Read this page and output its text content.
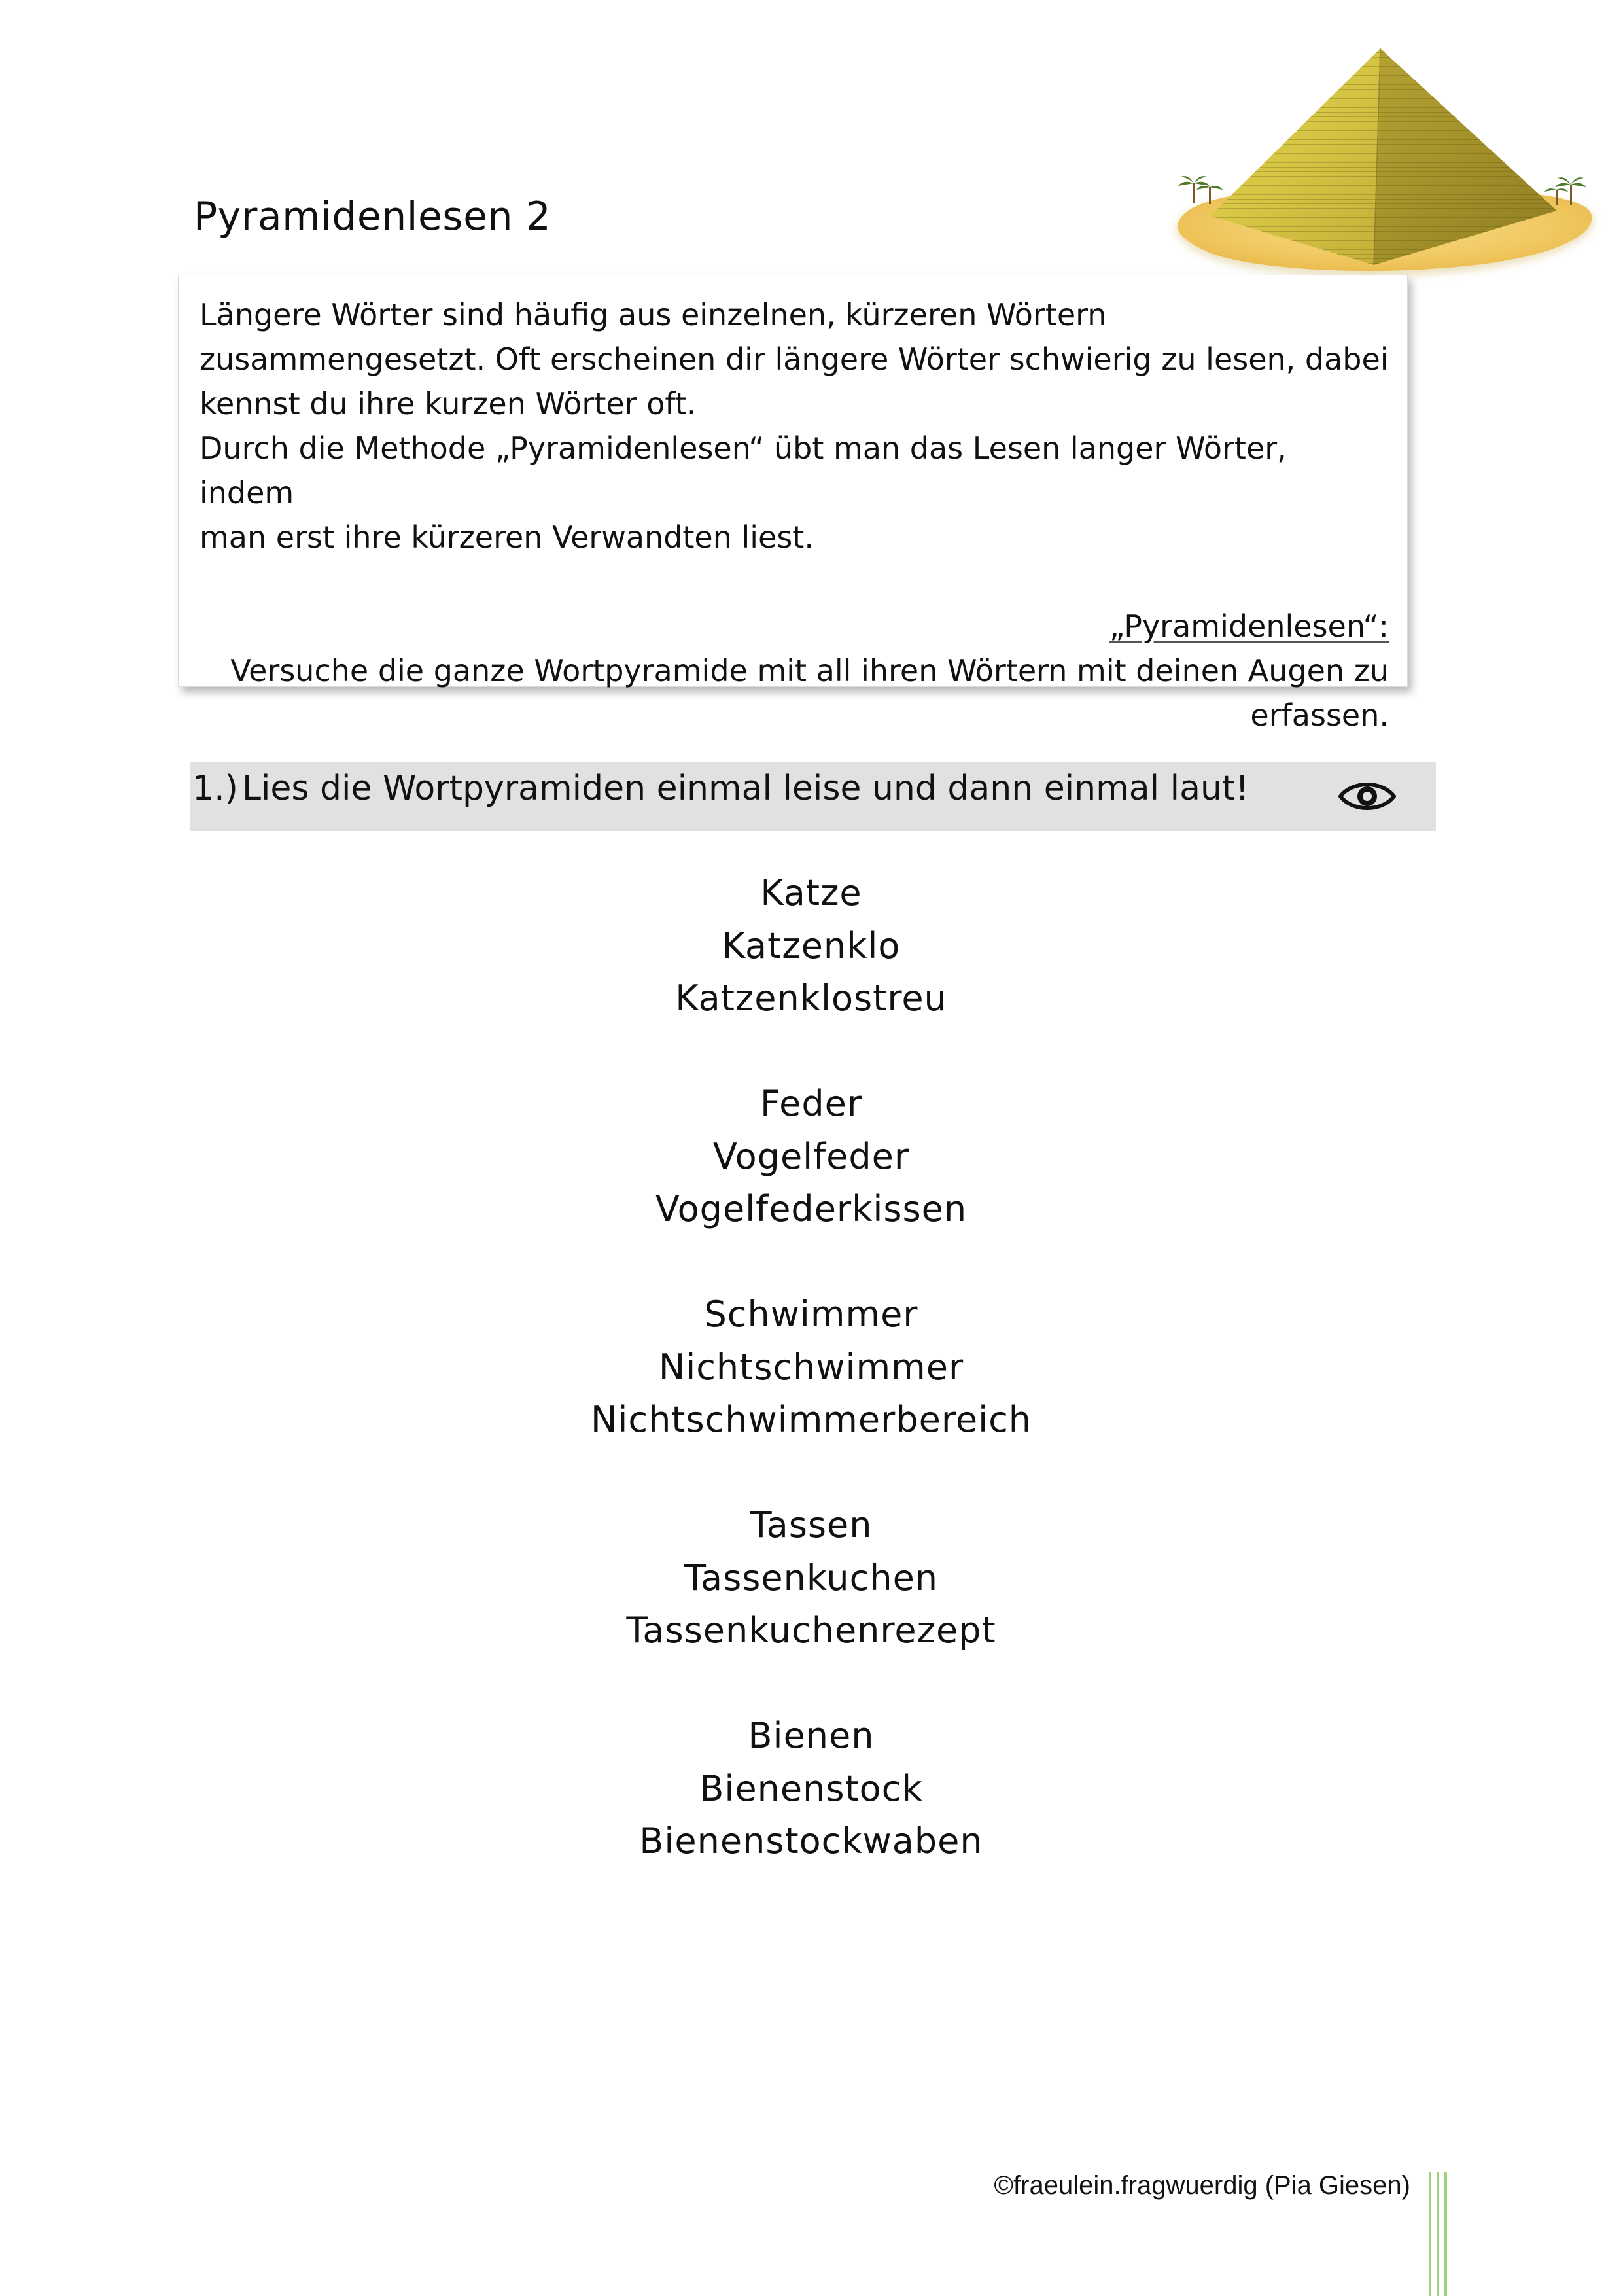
Pyramidenlesen 2

Längere Wörter sind häufig aus einzelnen, kürzeren Wörtern

zusammengesetzt. Oft erscheinen dir längere Wörter schwierig zu lesen, dabei

kennst du ihre kurzen Wörter oft.

Durch die Methode „Pyramidenlesen“ übt man das Lesen langer Wörter, indem

man erst ihre kürzeren Verwandten liest.

„Pyramidenlesen“:

Versuche die ganze Wortpyramide mit all ihren Wörtern mit deinen Augen zu

erfassen.

1.) Lies die Wortpyramiden einmal leise und dann einmal laut!
Katze
Katzenklo
Katzenklostreu
Feder
Vogelfeder
Vogelfederkissen
Schwimmer
Nichtschwimmer
Nichtschwimmerbereich
Tassen
Tassenkuchen
Tassenkuchenrezept
Bienen
Bienenstock
Bienenstockwaben
©fraeulein.fragwuerdig (Pia Giesen)
